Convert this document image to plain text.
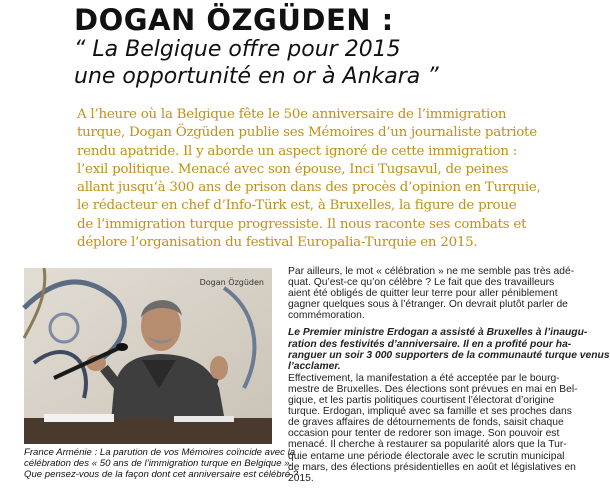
DOGAN ÖZGÜDEN :
“ La Belgique offre pour 2015
une opportunité en or à Ankara ”
A l’heure où la Belgique fête le 50e anniversaire de l’immigration
turque, Dogan Özgüden publie ses Mémoires d’un journaliste patriote
rendu apatride. Il y aborde un aspect ignoré de cette immigration :
l’exil politique. Menacé avec son épouse, Inci Tugsavul, de peines
allant jusqu’à 300 ans de prison dans des procès d’opinion en Turquie,
le rédacteur en chef d’Info-Türk est, à Bruxelles, la figure de proue
de l’immigration turque progressiste. Il nous raconte ses combats et
déplore l’organisation du festival Europalia-Turquie en 2015.
Dogan Özgüden
France Arménie : La parution de vos Mémoires coïncide avec la
célébration des « 50 ans de l’immigration turque en Belgique ».
Que pensez-vous de la façon dont cet anniversaire est célébré ?
Par ailleurs, le mot « célébration » ne me semble pas très adé-
quat. Qu’est-ce qu’on célèbre ? Le fait que des travailleurs
aient été obligés de quitter leur terre pour aller péniblement
gagner quelques sous à l’étranger. On devrait plutôt parler de
commémoration.
Le Premier ministre Erdogan a assisté à Bruxelles à l’inaugu-
ration des festivités d’anniversaire. Il en a profité pour ha-
ranguer un soir 3 000 supporters de la communauté turque venus
l’acclamer.
Effectivement, la manifestation a été acceptée par le bourg-
mestre de Bruxelles. Des élections sont prévues en mai en Bel-
gique, et les partis politiques courtisent l’électorat d’origine
turque. Erdogan, impliqué avec sa famille et ses proches dans
de graves affaires de détournements de fonds, saisit chaque
occasion pour tenter de redorer son image. Son pouvoir est
menacé. Il cherche à restaurer sa popularité alors que la Tur-
quie entame une période électorale avec le scrutin municipal
de mars, des élections présidentielles en août et législatives en
2015.
